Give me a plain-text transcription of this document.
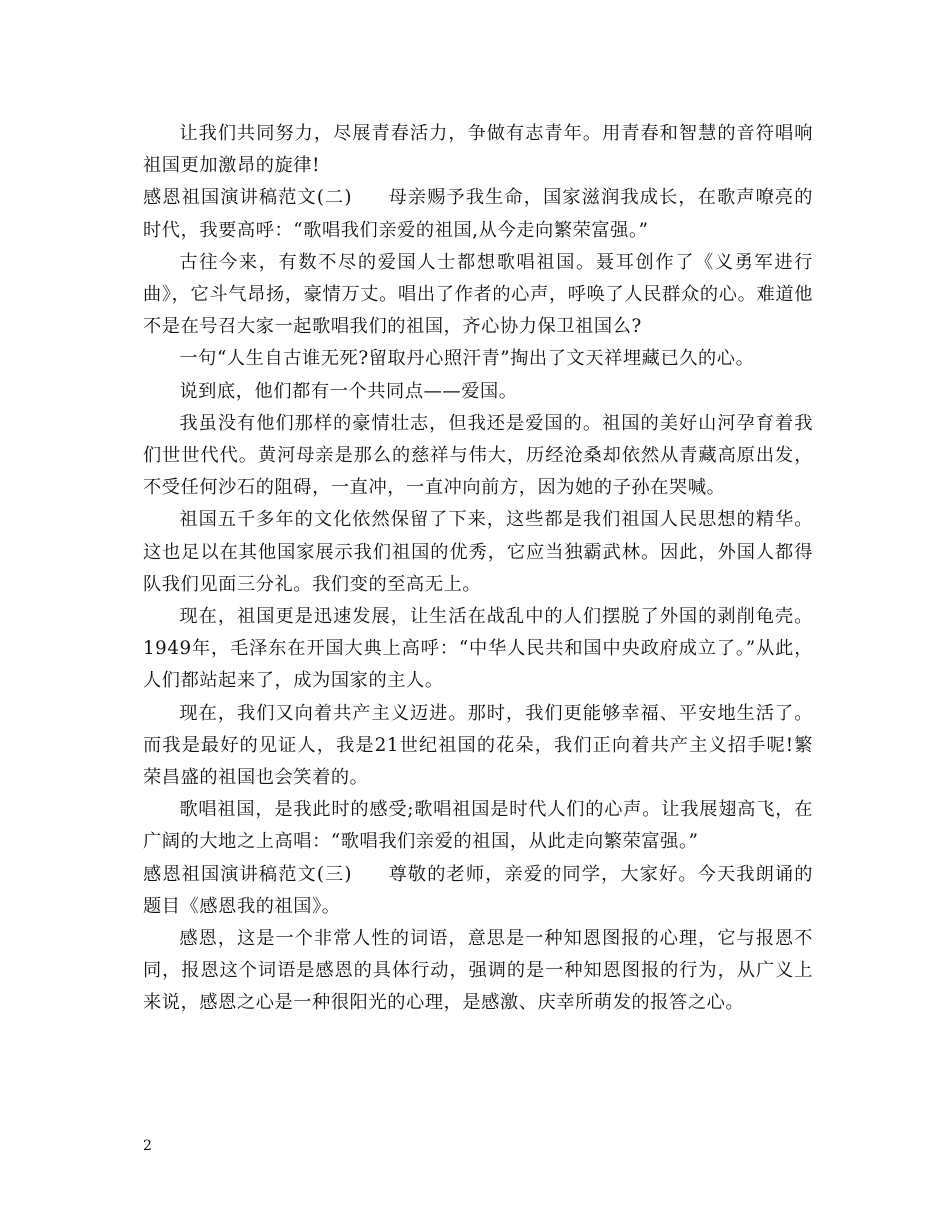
让我们共同努力，尽展青春活力，争做有志青年。用青春和智慧的音符唱响祖国更加激昂的旋律!

感恩祖国演讲稿范文(二) 母亲赐予我生命，国家滋润我成长，在歌声嘹亮的时代，我要高呼：“歌唱我们亲爱的祖国,从今走向繁荣富强。”

古往今来，有数不尽的爱国人士都想歌唱祖国。聂耳创作了《义勇军进行曲》，它斗气昂扬，豪情万丈。唱出了作者的心声，呼唤了人民群众的心。难道他不是在号召大家一起歌唱我们的祖国，齐心协力保卫祖国么?

一句“人生自古谁无死?留取丹心照汗青”掏出了文天祥埋藏已久的心。

说到底，他们都有一个共同点——爱国。

我虽没有他们那样的豪情壮志，但我还是爱国的。祖国的美好山河孕育着我们世世代代。黄河母亲是那么的慈祥与伟大，历经沧桑却依然从青藏高原出发，不受任何沙石的阻碍，一直冲，一直冲向前方，因为她的子孙在哭喊。

祖国五千多年的文化依然保留了下来，这些都是我们祖国人民思想的精华。这也足以在其他国家展示我们祖国的优秀，它应当独霸武林。因此，外国人都得队我们见面三分礼。我们变的至高无上。

现在，祖国更是迅速发展，让生活在战乱中的人们摆脱了外国的剥削龟壳。1949年，毛泽东在开国大典上高呼：“中华人民共和国中央政府成立了。”从此，人们都站起来了，成为国家的主人。

现在，我们又向着共产主义迈进。那时，我们更能够幸福、平安地生活了。而我是最好的见证人，我是21世纪祖国的花朵，我们正向着共产主义招手呢!繁荣昌盛的祖国也会笑着的。

歌唱祖国，是我此时的感受;歌唱祖国是时代人们的心声。让我展翅高飞，在广阔的大地之上高唱：“歌唱我们亲爱的祖国，从此走向繁荣富强。”

感恩祖国演讲稿范文(三) 尊敬的老师，亲爱的同学，大家好。今天我朗诵的题目《感恩我的祖国》。

感恩，这是一个非常人性的词语，意思是一种知恩图报的心理，它与报恩不同，报恩这个词语是感恩的具体行动，强调的是一种知恩图报的行为，从广义上来说，感恩之心是一种很阳光的心理，是感激、庆幸所萌发的报答之心。

2
